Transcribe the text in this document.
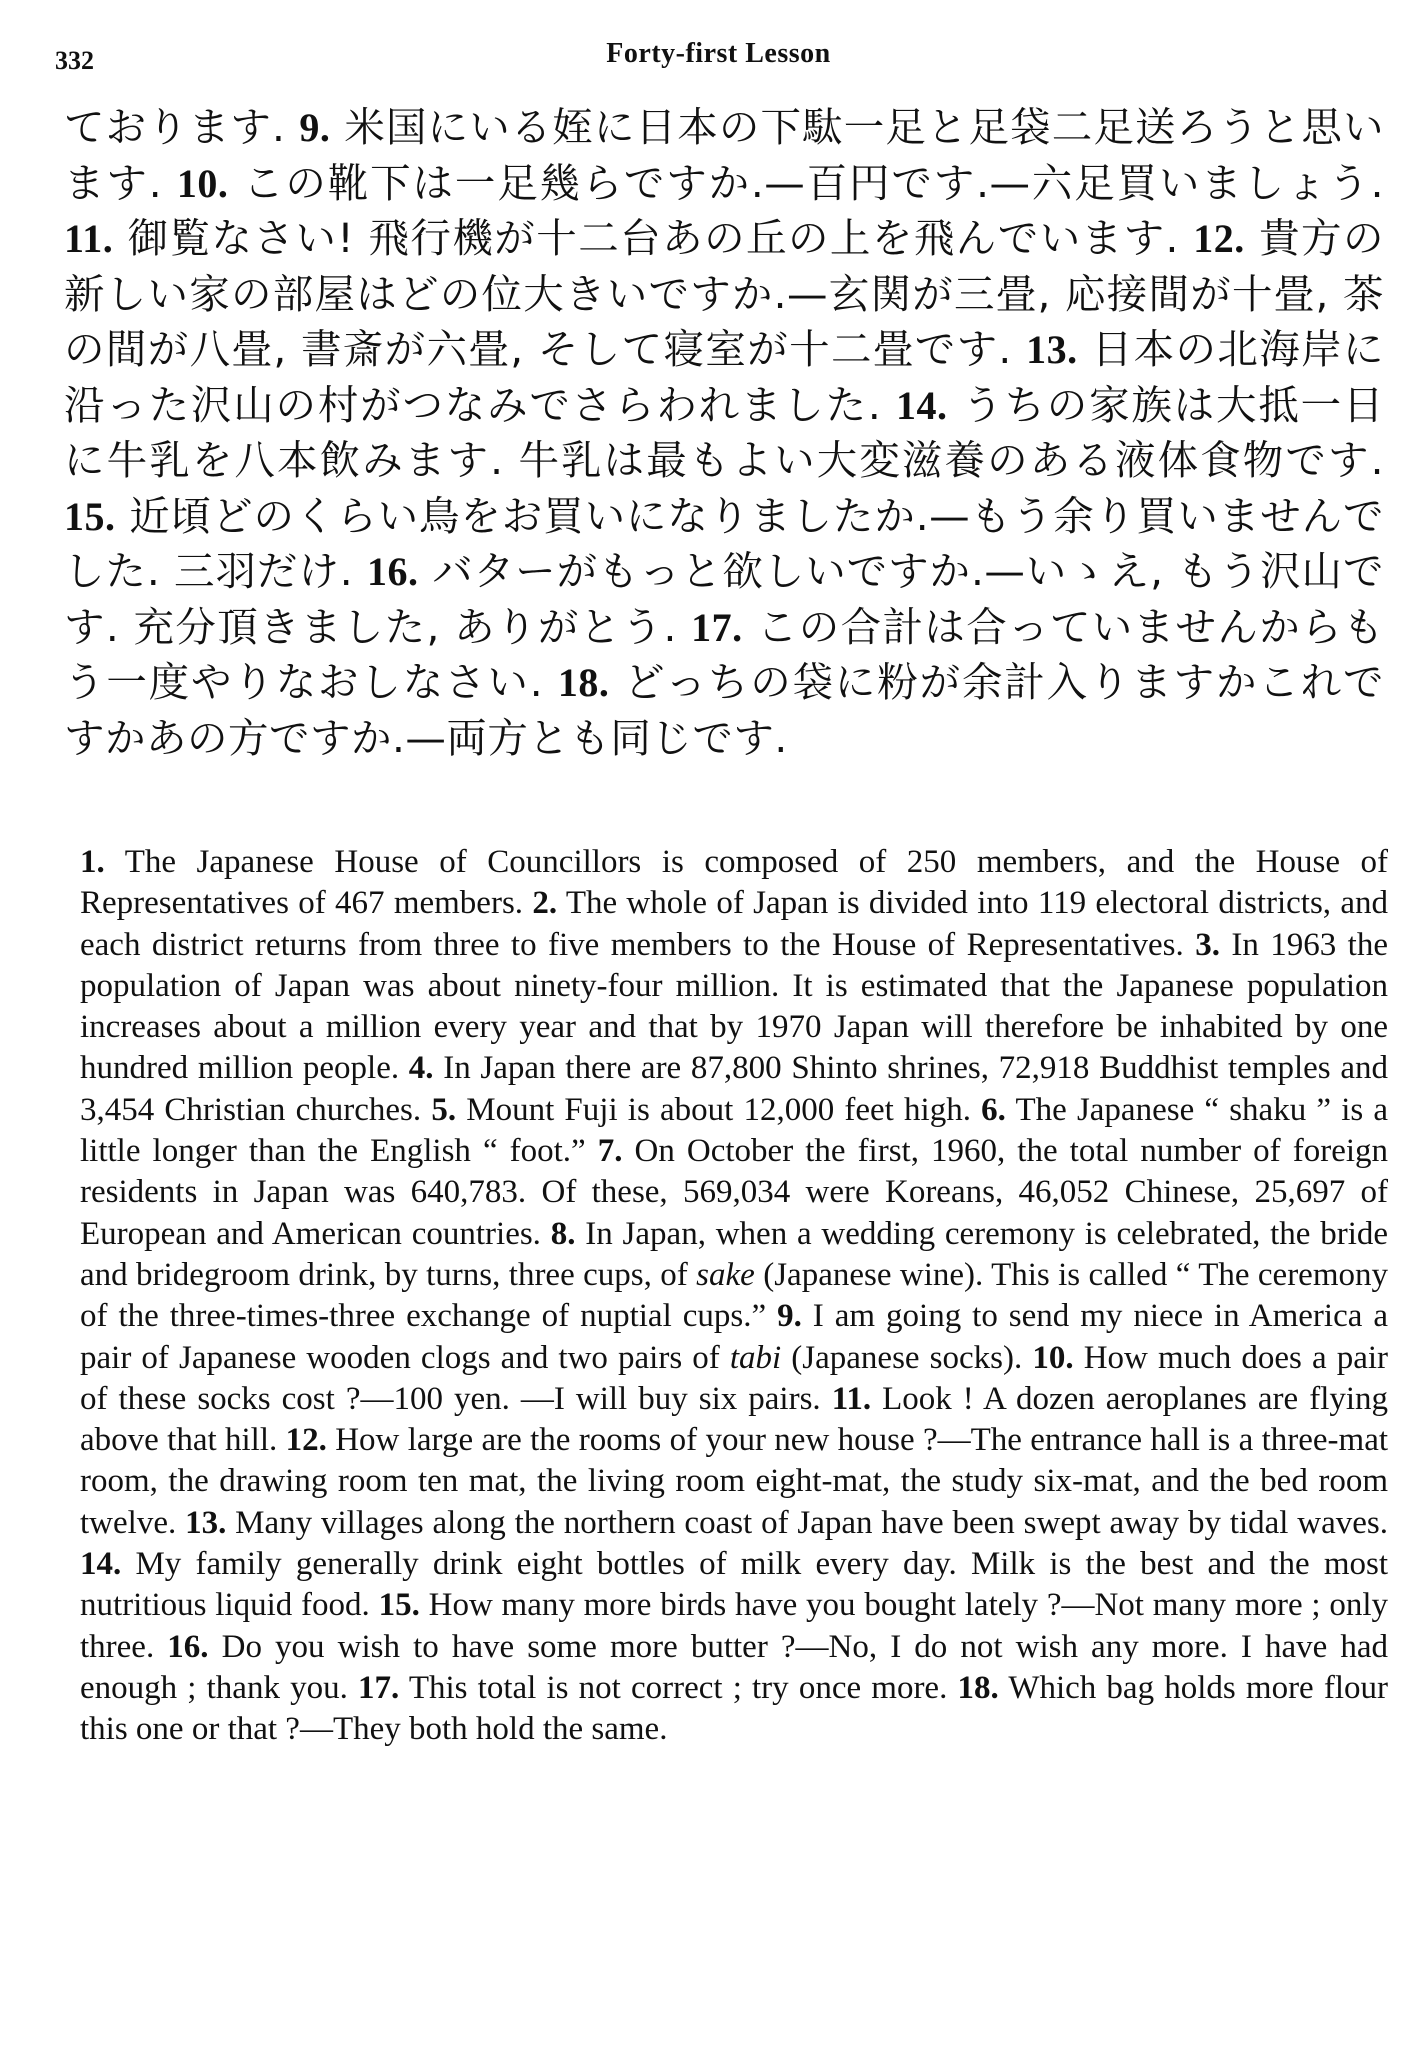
332	Forty-first Lesson
ております. 9. 米国にいる姪に日本の下駄一足と足袋二足送ろうと思います. 10. この靴下は一足幾らですか.—百円です.—六足買いましょう. 11. 御覧なさい! 飛行機が十二台あの丘の上を飛んでいます. 12. 貴方の新しい家の部屋はどの位大きいですか.—玄関が三畳, 応接間が十畳, 茶の間が八畳, 書斎が六畳, そして寝室が十二畳です. 13. 日本の北海岸に沿った沢山の村がつなみでさらわれました. 14. うちの家族は大抵一日に牛乳を八本飲みます. 牛乳は最もよい大変滋養のある液体食物です. 15. 近頃どのくらい鳥をお買いになりましたか.—もう余り買いませんでした. 三羽だけ. 16. バターがもっと欲しいですか.—いゝえ, もう沢山です. 充分頂きました, ありがとう. 17. この合計は合っていませんからもう一度やりなおしなさい. 18. どっちの袋に粉が余計入りますかこれですかあの方ですか.—両方とも同じです.
1. The Japanese House of Councillors is composed of 250 members, and the House of Representatives of 467 members. 2. The whole of Japan is divided into 119 electoral districts, and each district returns from three to five members to the House of Representatives. 3. In 1963 the population of Japan was about ninety-four million. It is estimated that the Japanese population increases about a million every year and that by 1970 Japan will therefore be inhabited by one hundred million people. 4. In Japan there are 87,800 Shinto shrines, 72,918 Buddhist temples and 3,454 Christian churches. 5. Mount Fuji is about 12,000 feet high. 6. The Japanese “ shaku ” is a little longer than the English “ foot.” 7. On October the first, 1960, the total number of foreign residents in Japan was 640,783. Of these, 569,034 were Koreans, 46,052 Chinese, 25,697 of European and American countries. 8. In Japan, when a wedding ceremony is celebrated, the bride and bridegroom drink, by turns, three cups, of sake (Japanese wine). This is called “ The ceremony of the three-times-three exchange of nuptial cups.” 9. I am going to send my niece in America a pair of Japanese wooden clogs and two pairs of tabi (Japanese socks). 10. How much does a pair of these socks cost ?—100 yen. —I will buy six pairs. 11. Look ! A dozen aeroplanes are flying above that hill. 12. How large are the rooms of your new house ?—The entrance hall is a three-mat room, the drawing room ten mat, the living room eight-mat, the study six-mat, and the bed room twelve. 13. Many villages along the northern coast of Japan have been swept away by tidal waves. 14. My family generally drink eight bottles of milk every day. Milk is the best and the most nutritious liquid food. 15. How many more birds have you bought lately ?—Not many more ; only three. 16. Do you wish to have some more butter ?—No, I do not wish any more. I have had enough ; thank you. 17. This total is not correct ; try once more. 18. Which bag holds more flour this one or that ?—They both hold the same.
